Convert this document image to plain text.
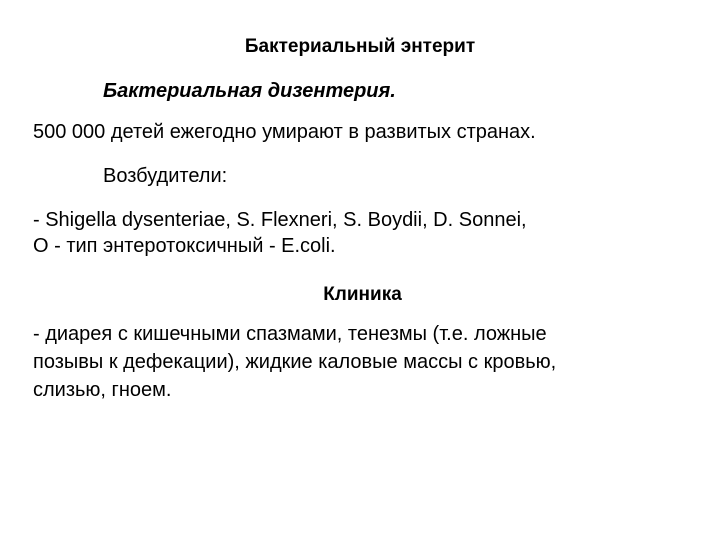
Бактериальный энтерит

Бактериальная дизентерия.

500 000 детей ежегодно умирают в развитых странах.

Возбудители:

- Shigella dysenteriae, S. Flexneri, S. Boydii, D. Sonnei,
О - тип энтеротоксичный - E.coli.

Клиника

- диарея с кишечными спазмами, тенезмы (т.е. ложные
позывы к дефекации), жидкие каловые массы с кровью,
слизью, гноем.
